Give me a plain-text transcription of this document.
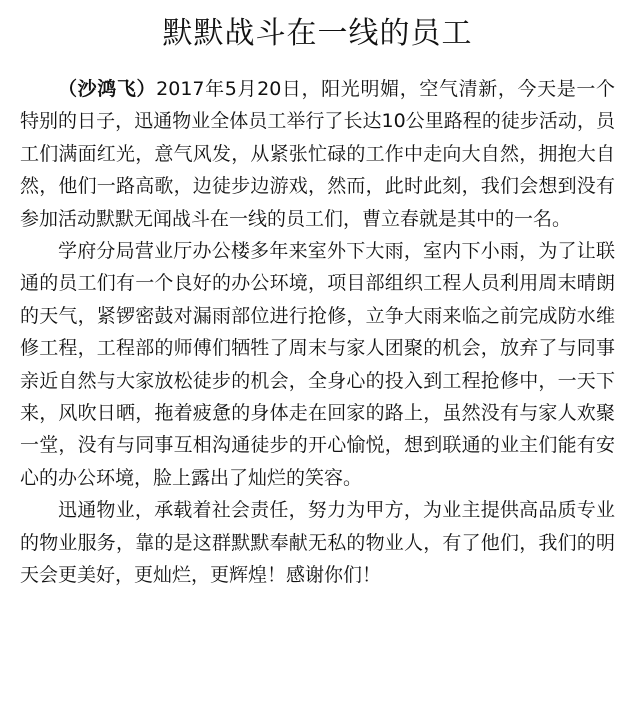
默默战斗在一线的员工

（沙鸿飞）2017年5月20日，阳光明媚，空气清新，今天是一个特别的日子，迅通物业全体员工举行了长达10公里路程的徒步活动，员工们满面红光，意气风发，从紧张忙碌的工作中走向大自然，拥抱大自然，他们一路高歌，边徒步边游戏，然而，此时此刻，我们会想到没有参加活动默默无闻战斗在一线的员工们，曹立春就是其中的一名。

学府分局营业厅办公楼多年来室外下大雨，室内下小雨，为了让联通的员工们有一个良好的办公环境，项目部组织工程人员利用周末晴朗的天气，紧锣密鼓对漏雨部位进行抢修，立争大雨来临之前完成防水维修工程，工程部的师傅们牺牲了周末与家人团聚的机会，放弃了与同事亲近自然与大家放松徒步的机会，全身心的投入到工程抢修中，一天下来，风吹日晒，拖着疲惫的身体走在回家的路上，虽然没有与家人欢聚一堂，没有与同事互相沟通徒步的开心愉悦，想到联通的业主们能有安心的办公环境，脸上露出了灿烂的笑容。

迅通物业，承载着社会责任，努力为甲方，为业主提供高品质专业的物业服务，靠的是这群默默奉献无私的物业人，有了他们，我们的明天会更美好，更灿烂，更辉煌！感谢你们！
